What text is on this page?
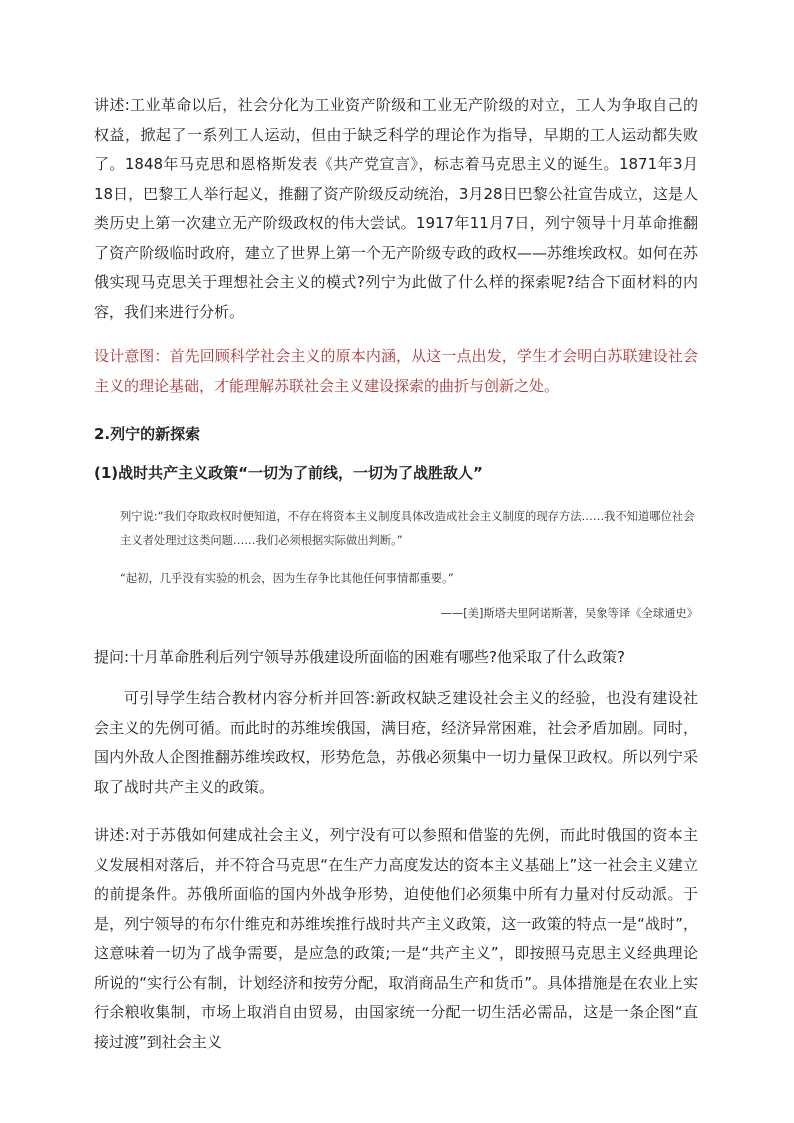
讲述:工业革命以后，社会分化为工业资产阶级和工业无产阶级的对立，工人为争取自己的权益，掀起了一系列工人运动，但由于缺乏科学的理论作为指导，早期的工人运动都失败了。1848年马克思和恩格斯发表《共产党宣言》，标志着马克思主义的诞生。1871年3月18日，巴黎工人举行起义，推翻了资产阶级反动统治，3月28日巴黎公社宣告成立，这是人类历史上第一次建立无产阶级政权的伟大尝试。1917年11月7日，列宁领导十月革命推翻了资产阶级临时政府，建立了世界上第一个无产阶级专政的政权——苏维埃政权。如何在苏俄实现马克思关于理想社会主义的模式?列宁为此做了什么样的探索呢?结合下面材料的内容，我们来进行分析。

设计意图：首先回顾科学社会主义的原本内涵，从这一点出发，学生才会明白苏联建设社会主义的理论基础，才能理解苏联社会主义建设探索的曲折与创新之处。

2.列宁的新探索

(1)战时共产主义政策“一切为了前线，一切为了战胜敌人”

列宁说:“我们夺取政权时便知道，不存在将资本主义制度具体改造成社会主义制度的现存方法……我不知道哪位社会主义者处理过这类问题……我们必须根据实际做出判断。”

“起初，几乎没有实验的机会，因为生存争比其他任何事情都重要。”

——[美]斯塔夫里阿诺斯著，吴象等译《全球通史》

提问:十月革命胜利后列宁领导苏俄建设所面临的困难有哪些?他采取了什么政策?

可引导学生结合教材内容分析并回答:新政权缺乏建设社会主义的经验，也没有建设社会主义的先例可循。而此时的苏维埃俄国，满目疮，经济异常困难，社会矛盾加剧。同时，国内外敌人企图推翻苏维埃政权，形势危急，苏俄必须集中一切力量保卫政权。所以列宁采取了战时共产主义的政策。

讲述:对于苏俄如何建成社会主义，列宁没有可以参照和借鉴的先例，而此时俄国的资本主义发展相对落后，并不符合马克思“在生产力高度发达的资本主义基础上”这一社会主义建立的前提条件。苏俄所面临的国内外战争形势，迫使他们必须集中所有力量对付反动派。于是，列宁领导的布尔什维克和苏维埃推行战时共产主义政策，这一政策的特点一是“战时”，这意味着一切为了战争需要，是应急的政策;一是“共产主义”，即按照马克思主义经典理论所说的“实行公有制，计划经济和按劳分配，取消商品生产和货币”。具体措施是在农业上实行余粮收集制，市场上取消自由贸易，由国家统一分配一切生活必需品，这是一条企图“直接过渡”到社会主义
